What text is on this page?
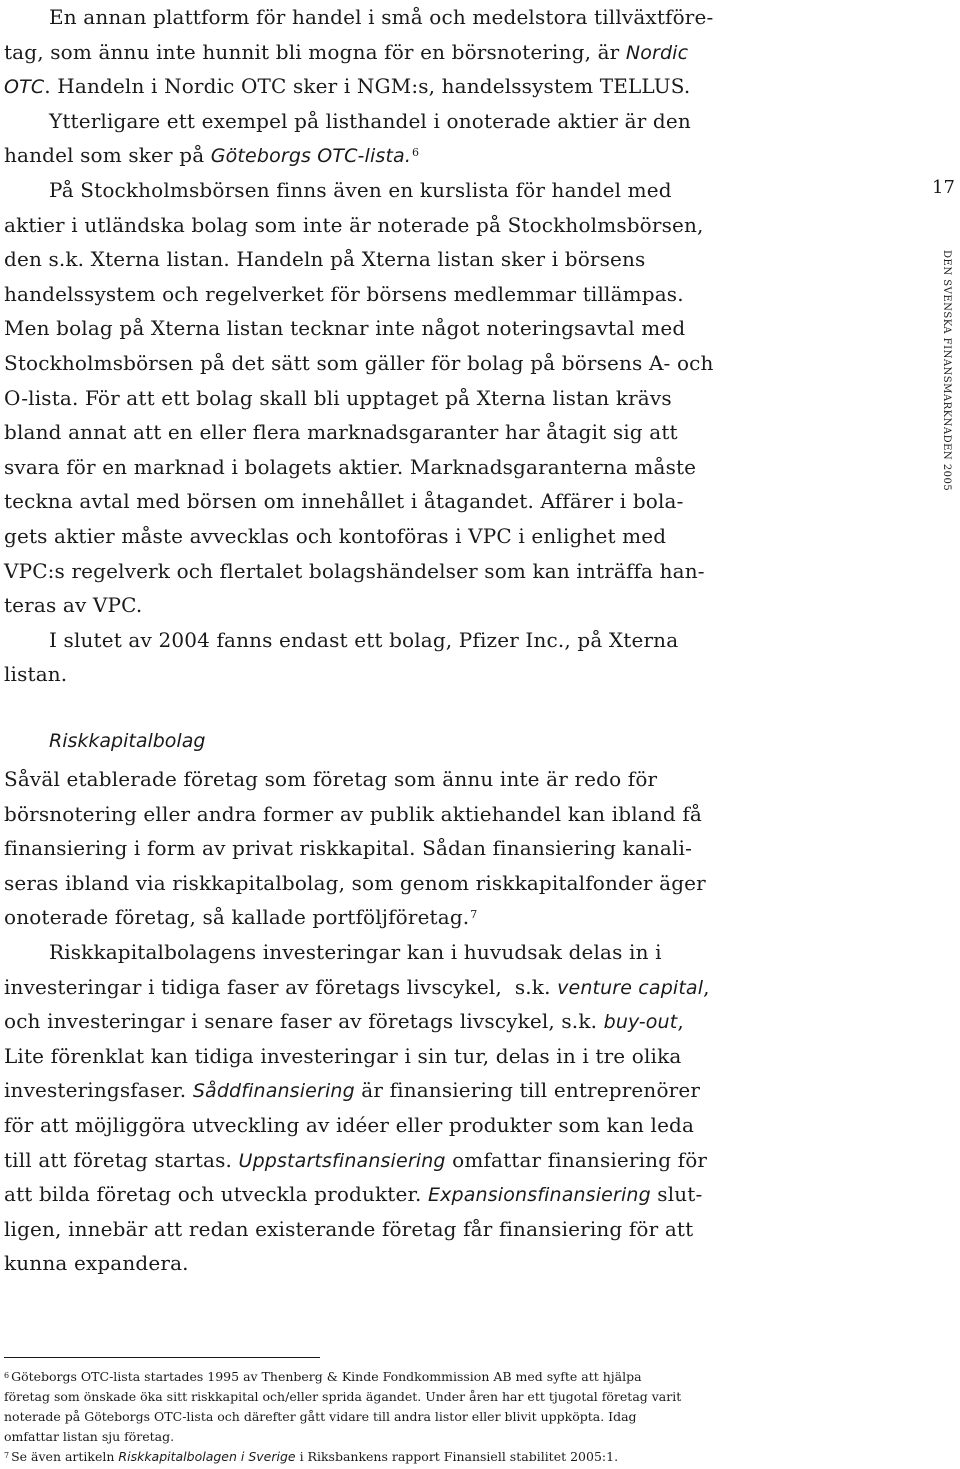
En annan plattform för handel i små och medelstora tillväxtföre-
tag, som ännu inte hunnit bli mogna för en börsnotering, är Nordic
OTC. Handeln i Nordic OTC sker i NGM:s, handelssystem TELLUS.
Ytterligare ett exempel på listhandel i onoterade aktier är den
handel som sker på Göteborgs OTC-lista.$^6$
På Stockholmsbörsen finns även en kurslista för handel med
aktier i utländska bolag som inte är noterade på Stockholmsbörsen,
den s.k. Xterna listan. Handeln på Xterna listan sker i börsens
handelssystem och regelverket för börsens medlemmar tillämpas.
Men bolag på Xterna listan tecknar inte något noteringsavtal med
Stockholmsbörsen på det sätt som gäller för bolag på börsens A- och
O-lista. För att ett bolag skall bli upptaget på Xterna listan krävs
bland annat att en eller flera marknadsgaranter har åtagit sig att
svara för en marknad i bolagets aktier. Marknadsgaranterna måste
teckna avtal med börsen om innehållet i åtagandet. Affärer i bola-
gets aktier måste avvecklas och kontoföras i VPC i enlighet med
VPC:s regelverk och flertalet bolagshändelser som kan inträffa han-
teras av VPC.
I slutet av 2004 fanns endast ett bolag, Pfizer Inc., på Xterna
listan.
Riskkapitalbolag
Såväl etablerade företag som företag som ännu inte är redo för
börsnotering eller andra former av publik aktiehandel kan ibland få
finansiering i form av privat riskkapital. Sådan finansiering kanali-
seras ibland via riskkapitalbolag, som genom riskkapitalfonder äger
onoterade företag, så kallade portföljföretag.$^7$
Riskkapitalbolagens investeringar kan i huvudsak delas in i
investeringar i tidiga faser av företags livscykel,  s.k. venture capital,
och investeringar i senare faser av företags livscykel, s.k. buy-out,
Lite förenklat kan tidiga investeringar i sin tur, delas in i tre olika
investeringsfaser. Såddfinansiering är finansiering till entreprenörer
för att möjliggöra utveckling av idéer eller produkter som kan leda
till att företag startas. Uppstartsfinansiering omfattar finansiering för
att bilda företag och utveckla produkter. Expansionsfinansiering slut-
ligen, innebär att redan existerande företag får finansiering för att
kunna expandera.
17
DEN SVENSKA FINANSMARKNADEN 2005
$^6$ Göteborgs OTC-lista startades 1995 av Thenberg & Kinde Fondkommission AB med syfte att hjälpa
företag som önskade öka sitt riskkapital och/eller sprida ägandet. Under åren har ett tjugotal företag varit
noterade på Göteborgs OTC-lista och därefter gått vidare till andra listor eller blivit uppköpta. Idag
omfattar listan sju företag.
$^7$ Se även artikeln Riskkapitalbolagen i Sverige i Riksbankens rapport Finansiell stabilitet 2005:1.
